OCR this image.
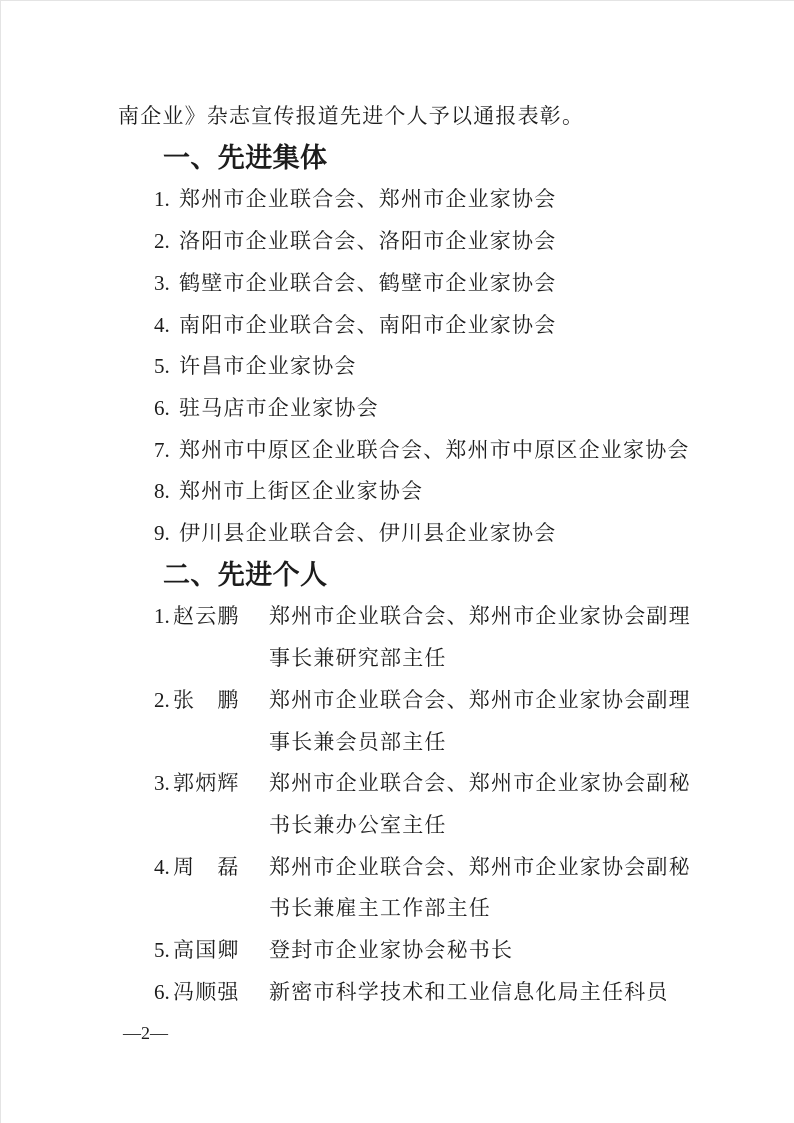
南企业》杂志宣传报道先进个人予以通报表彰。

一、先进集体

1. 郑州市企业联合会、郑州市企业家协会

2. 洛阳市企业联合会、洛阳市企业家协会

3. 鹤壁市企业联合会、鹤壁市企业家协会

4. 南阳市企业联合会、南阳市企业家协会

5. 许昌市企业家协会

6. 驻马店市企业家协会

7. 郑州市中原区企业联合会、郑州市中原区企业家协会

8. 郑州市上街区企业家协会

9. 伊川县企业联合会、伊川县企业家协会

二、先进个人

1. 赵云鹏	郑州市企业联合会、郑州市企业家协会副理事长兼研究部主任
2. 张　鹏	郑州市企业联合会、郑州市企业家协会副理事长兼会员部主任
3. 郭炳辉	郑州市企业联合会、郑州市企业家协会副秘书长兼办公室主任
4. 周　磊	郑州市企业联合会、郑州市企业家协会副秘书长兼雇主工作部主任
5. 高国卿	登封市企业家协会秘书长
6. 冯顺强	新密市科学技术和工业信息化局主任科员

—2—
